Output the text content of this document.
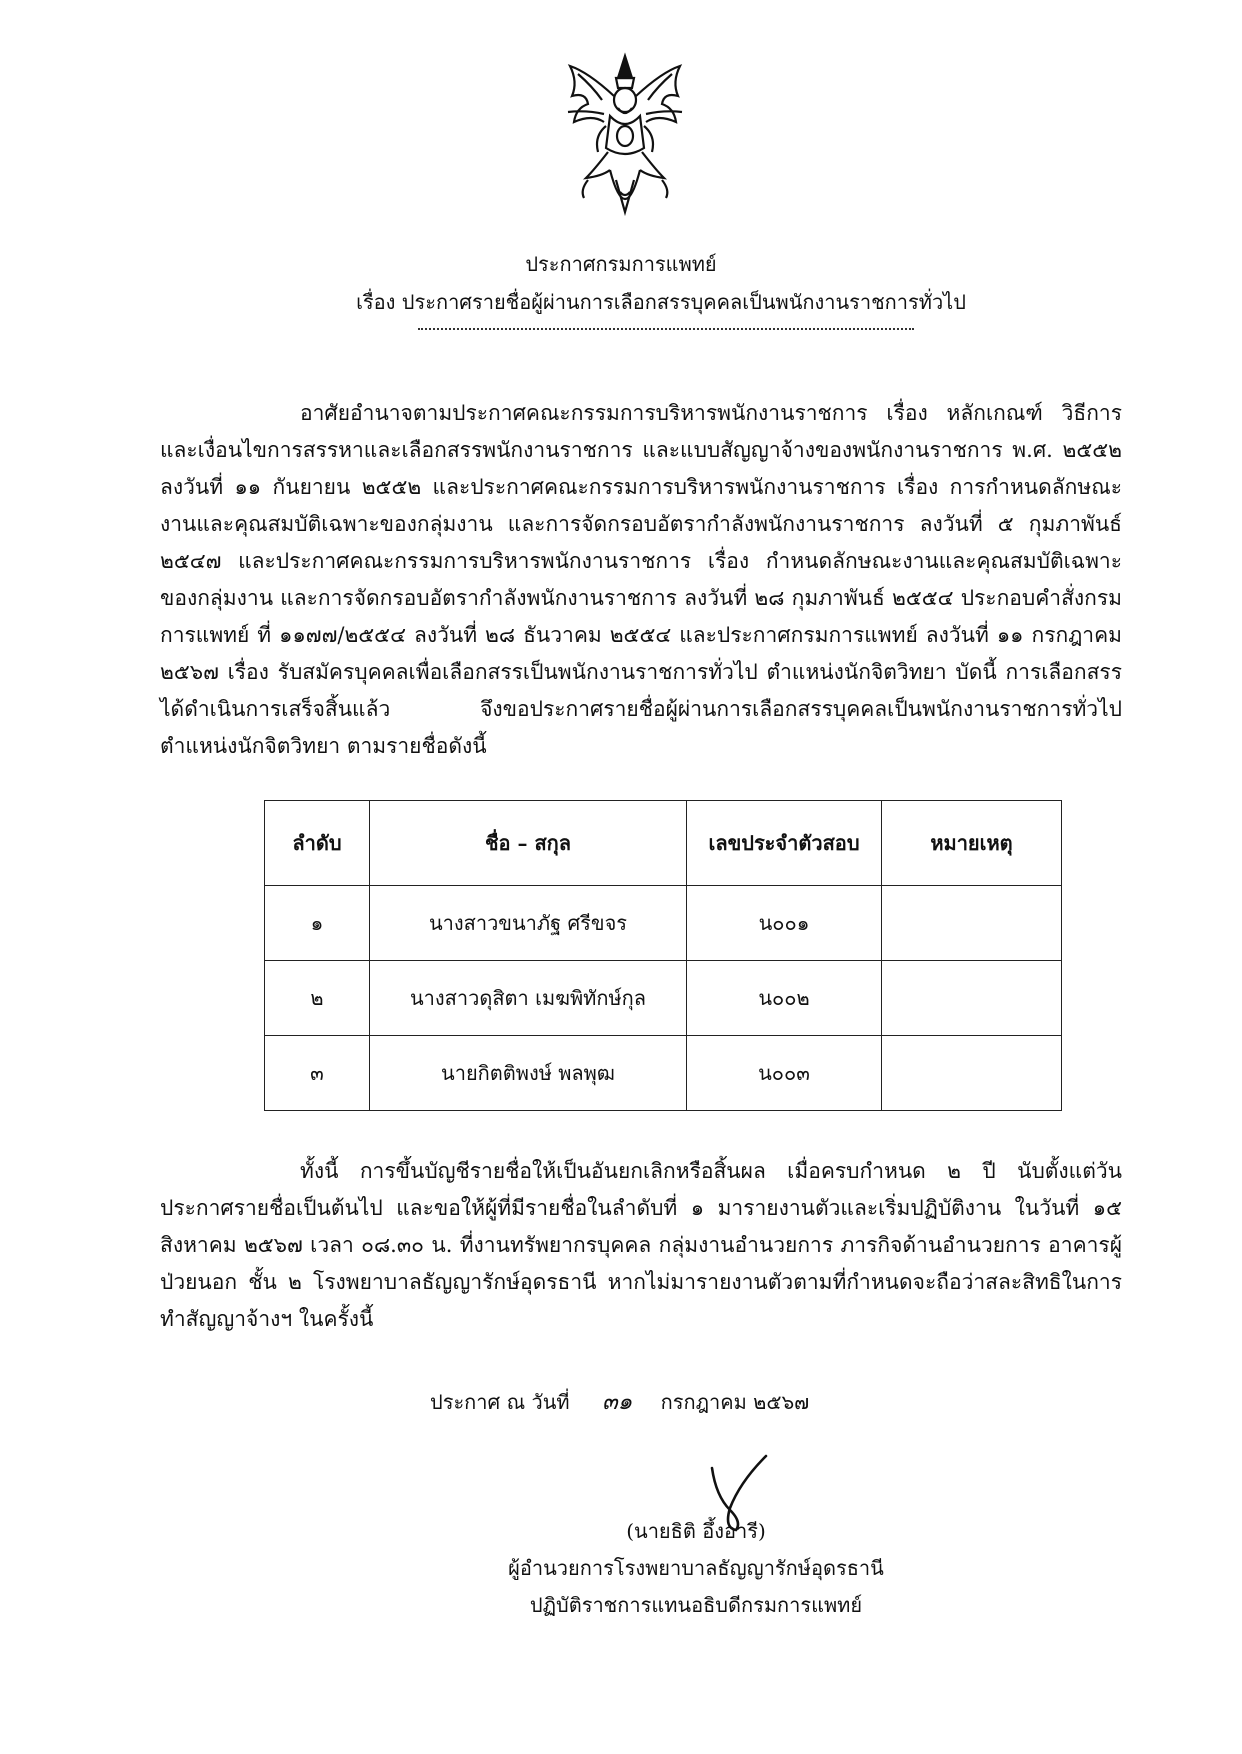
ประกาศกรมการแพทย์
เรื่อง ประกาศรายชื่อผู้ผ่านการเลือกสรรบุคคลเป็นพนักงานราชการทั่วไป

อาศัยอำนาจตามประกาศคณะกรรมการบริหารพนักงานราชการ เรื่อง หลักเกณฑ์ วิธีการ และเงื่อนไขการสรรหาและเลือกสรรพนักงานราชการ และแบบสัญญาจ้างของพนักงานราชการ พ.ศ. ๒๕๕๒ ลงวันที่ ๑๑ กันยายน ๒๕๕๒ และประกาศคณะกรรมการบริหารพนักงานราชการ เรื่อง การกำหนดลักษณะงานและคุณสมบัติเฉพาะของกลุ่มงาน และการจัดกรอบอัตรากำลังพนักงานราชการ ลงวันที่ ๕ กุมภาพันธ์ ๒๕๔๗ และประกาศคณะกรรมการบริหารพนักงานราชการ เรื่อง กำหนดลักษณะงานและคุณสมบัติเฉพาะของกลุ่มงาน และการจัดกรอบอัตรากำลังพนักงานราชการ ลงวันที่ ๒๘ กุมภาพันธ์ ๒๕๕๔ ประกอบคำสั่งกรมการแพทย์ ที่ ๑๑๗๗/๒๕๕๔ ลงวันที่ ๒๘ ธันวาคม ๒๕๕๔ และประกาศกรมการแพทย์ ลงวันที่ ๑๑ กรกฎาคม ๒๕๖๗ เรื่อง รับสมัครบุคคลเพื่อเลือกสรรเป็นพนักงานราชการทั่วไป ตำแหน่งนักจิตวิทยา บัดนี้ การเลือกสรรได้ดำเนินการเสร็จสิ้นแล้ว จึงขอประกาศรายชื่อผู้ผ่านการเลือกสรรบุคคลเป็นพนักงานราชการทั่วไป ตำแหน่งนักจิตวิทยา ตามรายชื่อดังนี้

ลำดับ	ชื่อ – สกุล	เลขประจำตัวสอบ	หมายเหตุ
๑	นางสาวขนาภัฐ ศรีขจร	น๐๐๑	
๒	นางสาวดุสิตา เมฆพิทักษ์กุล	น๐๐๒	
๓	นายกิตติพงษ์ พลพุฒ	น๐๐๓	

ทั้งนี้ การขึ้นบัญชีรายชื่อให้เป็นอันยกเลิกหรือสิ้นผล เมื่อครบกำหนด ๒ ปี นับตั้งแต่วันประกาศรายชื่อเป็นต้นไป และขอให้ผู้ที่มีรายชื่อในลำดับที่ ๑ มารายงานตัวและเริ่มปฏิบัติงาน ในวันที่ ๑๕ สิงหาคม ๒๕๖๗ เวลา ๐๘.๓๐ น. ที่งานทรัพยากรบุคคล กลุ่มงานอำนวยการ ภารกิจด้านอำนวยการ อาคารผู้ป่วยนอก ชั้น ๒ โรงพยาบาลธัญญารักษ์อุดรธานี หากไม่มารายงานตัวตามที่กำหนดจะถือว่าสละสิทธิในการทำสัญญาจ้างฯ ในครั้งนี้

ประกาศ ณ วันที่ ๓๑ กรกฎาคม ๒๕๖๗
(นายธิติ อึ้งอารี)
ผู้อำนวยการโรงพยาบาลธัญญารักษ์อุดรธานี
ปฏิบัติราชการแทนอธิบดีกรมการแพทย์
